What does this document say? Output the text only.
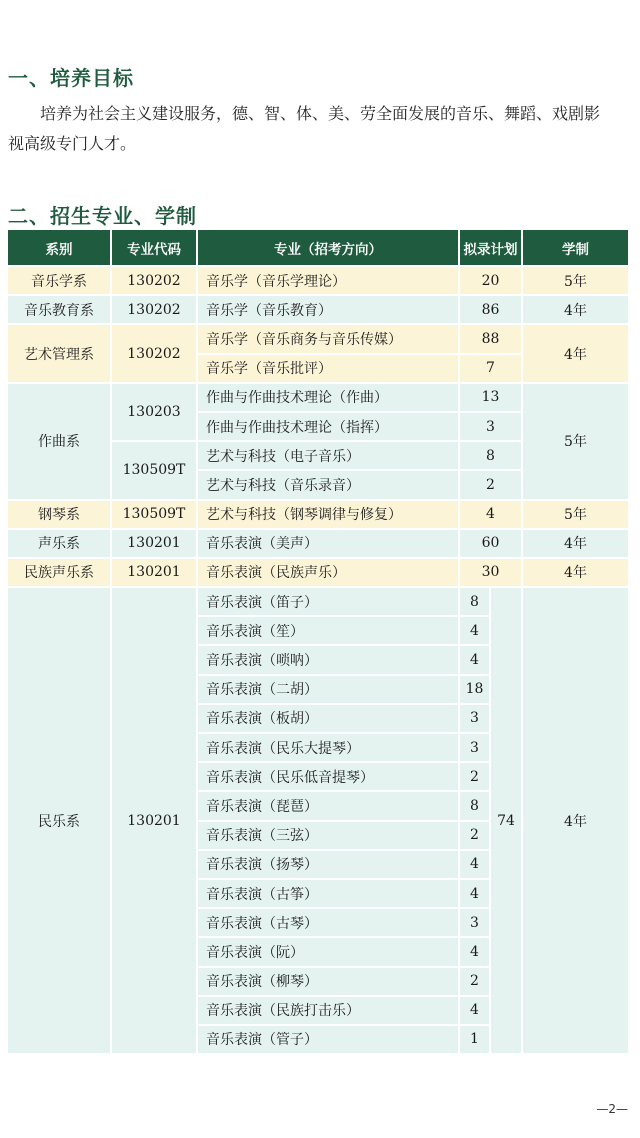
一、培养目标
培养为社会主义建设服务，德、智、体、美、劳全面发展的音乐、舞蹈、戏剧影
视高级专门人才。
二、招生专业、学制
系别	专业代码	专业（招考方向）	拟录计划		学制
音乐学系	130202	音乐学（音乐学理论）	20		5年
音乐教育系	130202	音乐学（音乐教育）	86		4年
艺术管理系	130202	音乐学（音乐商务与音乐传媒）	88		4年
		音乐学（音乐批评）	7		
作曲系	130203	作曲与作曲技术理论（作曲）	13		5年
		作曲与作曲技术理论（指挥）	3		
	130509T	艺术与科技（电子音乐）	8		
		艺术与科技（音乐录音）	2		
钢琴系	130509T	艺术与科技（钢琴调律与修复）	4		5年
声乐系	130201	音乐表演（美声）	60		4年
民族声乐系	130201	音乐表演（民族声乐）	30		4年
民乐系	130201	音乐表演（笛子）	8	74	4年
		音乐表演（笙）	4		
		音乐表演（唢呐）	4		
		音乐表演（二胡）	18		
		音乐表演（板胡）	3		
		音乐表演（民乐大提琴）	3		
		音乐表演（民乐低音提琴）	2		
		音乐表演（琵琶）	8		
		音乐表演（三弦）	2		
		音乐表演（扬琴）	4		
		音乐表演（古筝）	4		
		音乐表演（古琴）	3		
		音乐表演（阮）	4		
		音乐表演（柳琴）	2		
		音乐表演（民族打击乐）	4		
		音乐表演（管子）	1		
—2—
